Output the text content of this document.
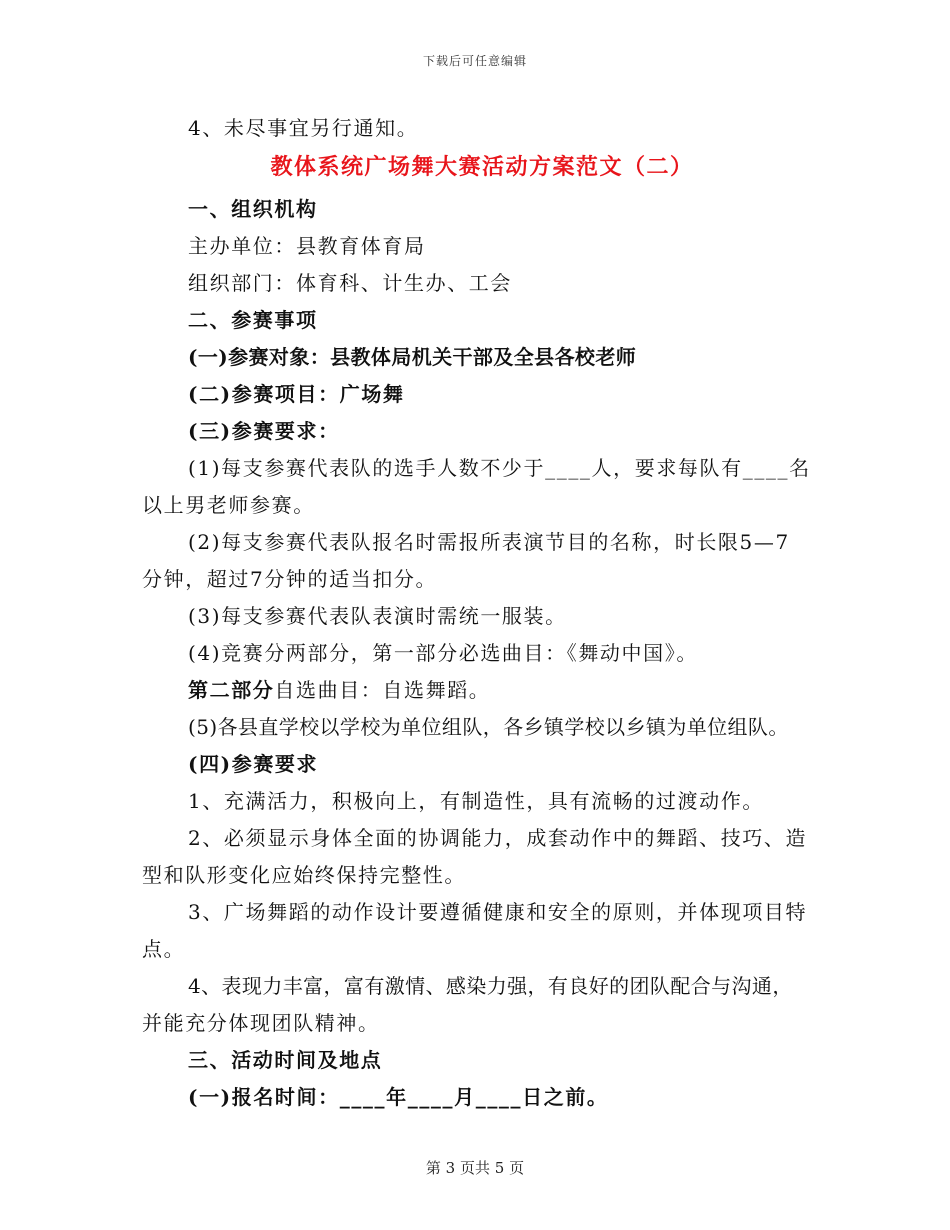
下载后可任意编辑
4、未尽事宜另行通知。
教体系统广场舞大赛活动方案范文（二）
一、组织机构
主办单位：县教育体育局
组织部门：体育科、计生办、工会
二、参赛事项
(一)参赛对象：县教体局机关干部及全县各校老师
(二)参赛项目：广场舞
(三)参赛要求：
(1)每支参赛代表队的选手人数不少于____人，要求每队有____名
以上男老师参赛。
(2)每支参赛代表队报名时需报所表演节目的名称，时长限5—7
分钟，超过7分钟的适当扣分。
(3)每支参赛代表队表演时需统一服装。
(4)竞赛分两部分，第一部分必选曲目：《舞动中国》。
第二部分自选曲目：自选舞蹈。
(5)各县直学校以学校为单位组队，各乡镇学校以乡镇为单位组队。
(四)参赛要求
1、充满活力，积极向上，有制造性，具有流畅的过渡动作。
2、必须显示身体全面的协调能力，成套动作中的舞蹈、技巧、造
型和队形变化应始终保持完整性。
3、广场舞蹈的动作设计要遵循健康和安全的原则，并体现项目特
点。
4、表现力丰富，富有激情、感染力强，有良好的团队配合与沟通，
并能充分体现团队精神。
三、活动时间及地点
(一)报名时间：____年____月____日之前。
第 3 页共 5 页
